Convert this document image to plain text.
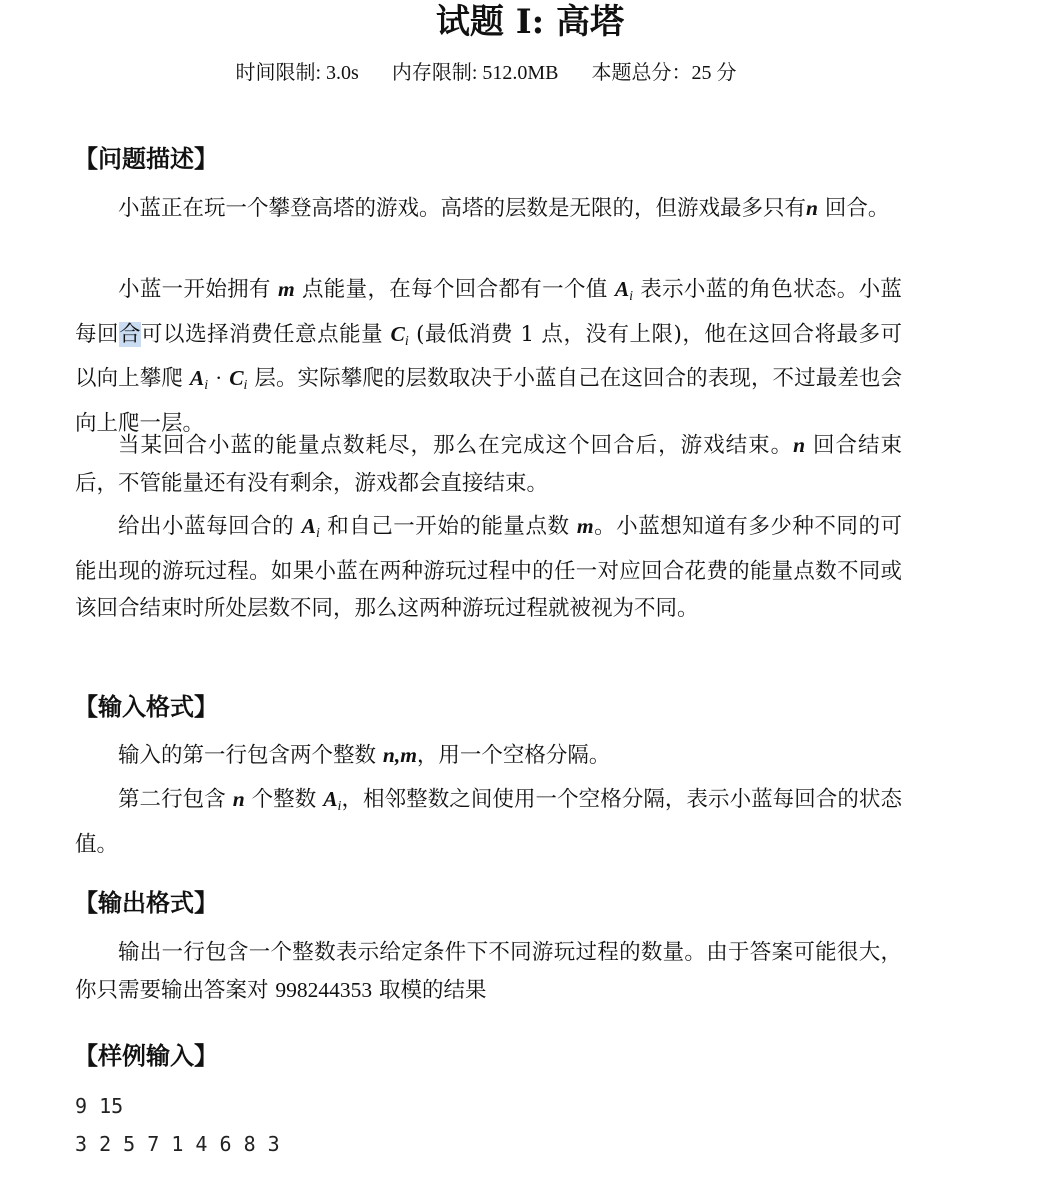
试题 I: 高塔
时间限制: 3.0s 内存限制: 512.0MB 本题总分：25 分
【问题描述】
小蓝正在玩一个攀登高塔的游戏。高塔的层数是无限的，但游戏最多只有n 回合。
小蓝一开始拥有 m 点能量，在每个回合都有一个值 $A_i$ 表示小蓝的角色状态。小蓝每回合可以选择消费任意点能量 $C_i$ (最低消费 1 点，没有上限)，他在这回合将最多可以向上攀爬 $A_i \cdot C_i$ 层。实际攀爬的层数取决于小蓝自己在这回合的表现，不过最差也会向上爬一层。
当某回合小蓝的能量点数耗尽，那么在完成这个回合后，游戏结束。n 回合结束后，不管能量还有没有剩余，游戏都会直接结束。
给出小蓝每回合的 $A_i$ 和自己一开始的能量点数 m。小蓝想知道有多少种不同的可能出现的游玩过程。如果小蓝在两种游玩过程中的任一对应回合花费的能量点数不同或该回合结束时所处层数不同，那么这两种游玩过程就被视为不同。
【输入格式】
输入的第一行包含两个整数 n,m，用一个空格分隔。
第二行包含 n 个整数 $A_i$，相邻整数之间使用一个空格分隔，表示小蓝每回合的状态值。
【输出格式】
输出一行包含一个整数表示给定条件下不同游玩过程的数量。由于答案可能很大，你只需要输出答案对 998244353 取模的结果
【样例输入】
9 15
3 2 5 7 1 4 6 8 3
